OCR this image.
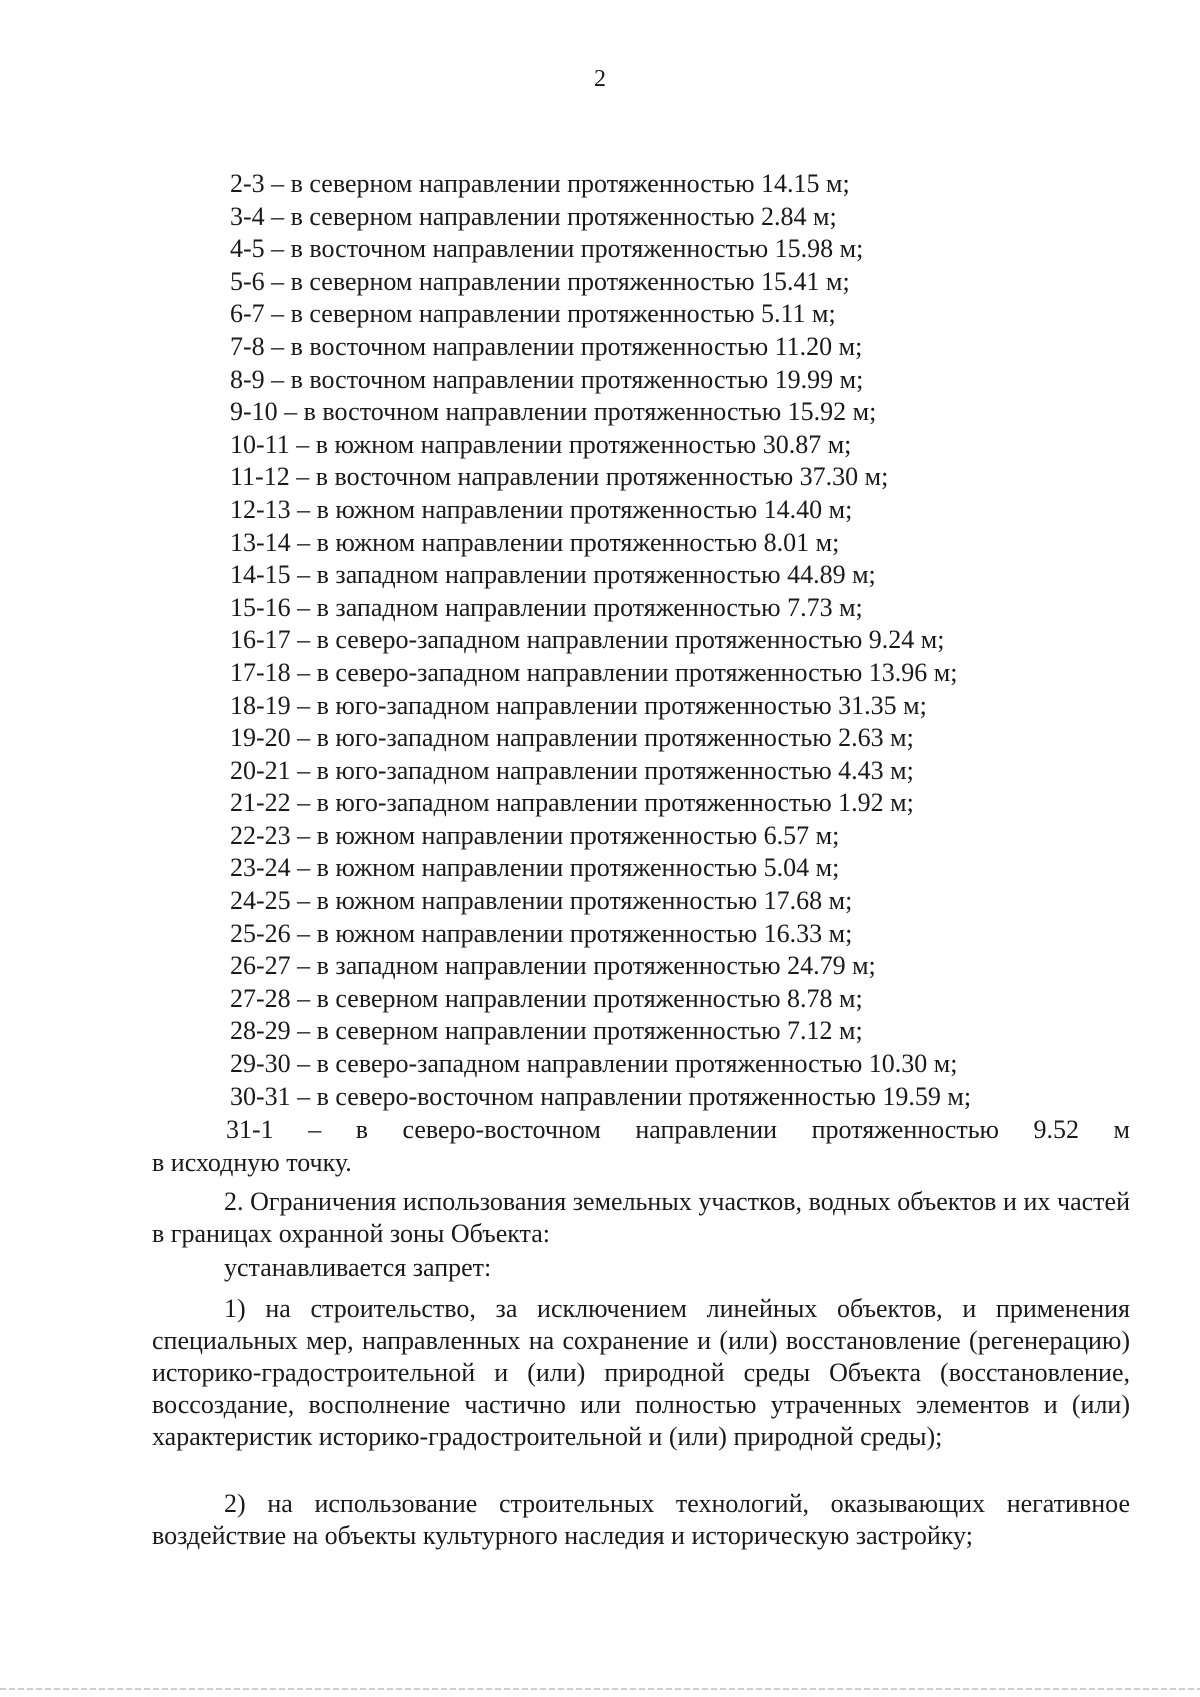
2
2-3 – в северном направлении протяженностью 14.15 м;
3-4 – в северном направлении протяженностью 2.84 м;
4-5 – в восточном направлении протяженностью 15.98 м;
5-6 – в северном направлении протяженностью 15.41 м;
6-7 – в северном направлении протяженностью 5.11 м;
7-8 – в восточном направлении протяженностью 11.20 м;
8-9 – в восточном направлении протяженностью 19.99 м;
9-10 – в восточном направлении протяженностью 15.92 м;
10-11 – в южном направлении протяженностью 30.87 м;
11-12 – в восточном направлении протяженностью 37.30 м;
12-13 – в южном направлении протяженностью 14.40 м;
13-14 – в южном направлении протяженностью 8.01 м;
14-15 – в западном направлении протяженностью 44.89 м;
15-16 – в западном направлении протяженностью 7.73 м;
16-17 – в северо-западном направлении протяженностью 9.24 м;
17-18 – в северо-западном направлении протяженностью 13.96 м;
18-19 – в юго-западном направлении протяженностью 31.35 м;
19-20 – в юго-западном направлении протяженностью 2.63 м;
20-21 – в юго-западном направлении протяженностью 4.43 м;
21-22 – в юго-западном направлении протяженностью 1.92 м;
22-23 – в южном направлении протяженностью 6.57 м;
23-24 – в южном направлении протяженностью 5.04 м;
24-25 – в южном направлении протяженностью 17.68 м;
25-26 – в южном направлении протяженностью 16.33 м;
26-27 – в западном направлении протяженностью 24.79 м;
27-28 – в северном направлении протяженностью 8.78 м;
28-29 – в северном направлении протяженностью 7.12 м;
29-30 – в северо-западном направлении протяженностью 10.30 м;
30-31 – в северо-восточном направлении протяженностью 19.59 м;
31-1 – в северо-восточном направлении протяженностью 9.52 м
в исходную точку.

2. Ограничения использования земельных участков, водных объектов и их частей в границах охранной зоны Объекта:

устанавливается запрет:

1) на строительство, за исключением линейных объектов, и применения специальных мер, направленных на сохранение и (или) восстановление (регенерацию) историко-градостроительной и (или) природной среды Объекта (восстановление, воссоздание, восполнение частично или полностью утраченных элементов и (или) характеристик историко-градостроительной и (или) природной среды);

2) на использование строительных технологий, оказывающих негативное воздействие на объекты культурного наследия и историческую застройку;
